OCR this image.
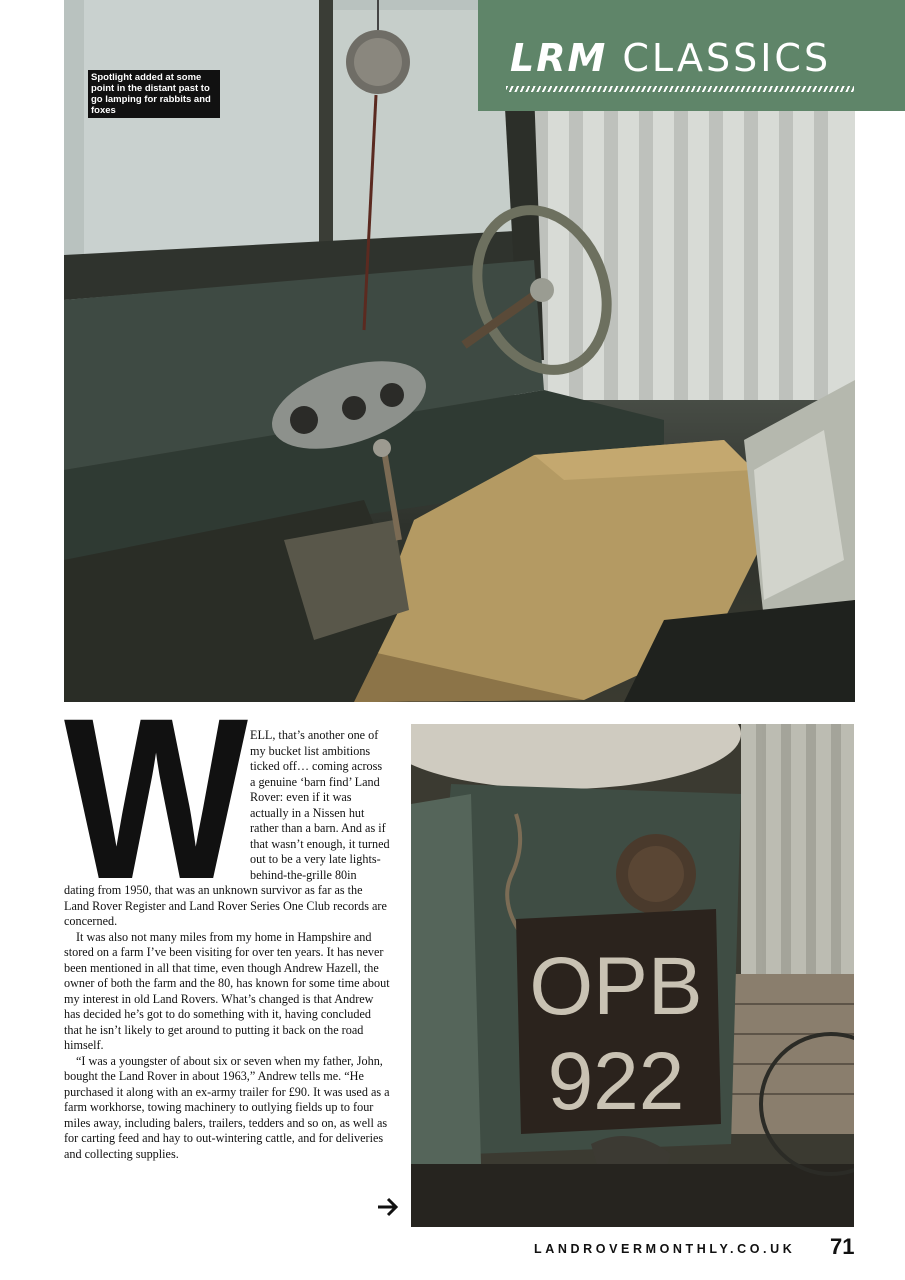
Spotlight added at some point in the distant past to go lamping for rabbits and foxes
LRM CLASSICS
W ELL, that’s another one of my bucket list ambitions ticked off… coming across a genuine ‘barn find’ Land Rover: even if it was actually in a Nissen hut rather than a barn. And as if that wasn’t enough, it turned out to be a very late lights-behind-the-grille 80in dating from 1950, that was an unknown survivor as far as the Land Rover Register and Land Rover Series One Club records are concerned.

It was also not many miles from my home in Hampshire and stored on a farm I’ve been visiting for over ten years. It has never been mentioned in all that time, even though Andrew Hazell, the owner of both the farm and the 80, has known for some time about my interest in old Land Rovers. What’s changed is that Andrew has decided he’s got to do something with it, having concluded that he isn’t likely to get around to putting it back on the road himself.

“I was a youngster of about six or seven when my father, John, bought the Land Rover in about 1963,” Andrew tells me. “He purchased it along with an ex-army trailer for £90. It was used as a farm workhorse, towing machinery to outlying fields up to four miles away, including balers, trailers, tedders and so on, as well as for carting feed and hay to out-wintering cattle, and for deliveries and collecting supplies.

OPB
922
LANDROVERMONTHLY.CO.UK 71
